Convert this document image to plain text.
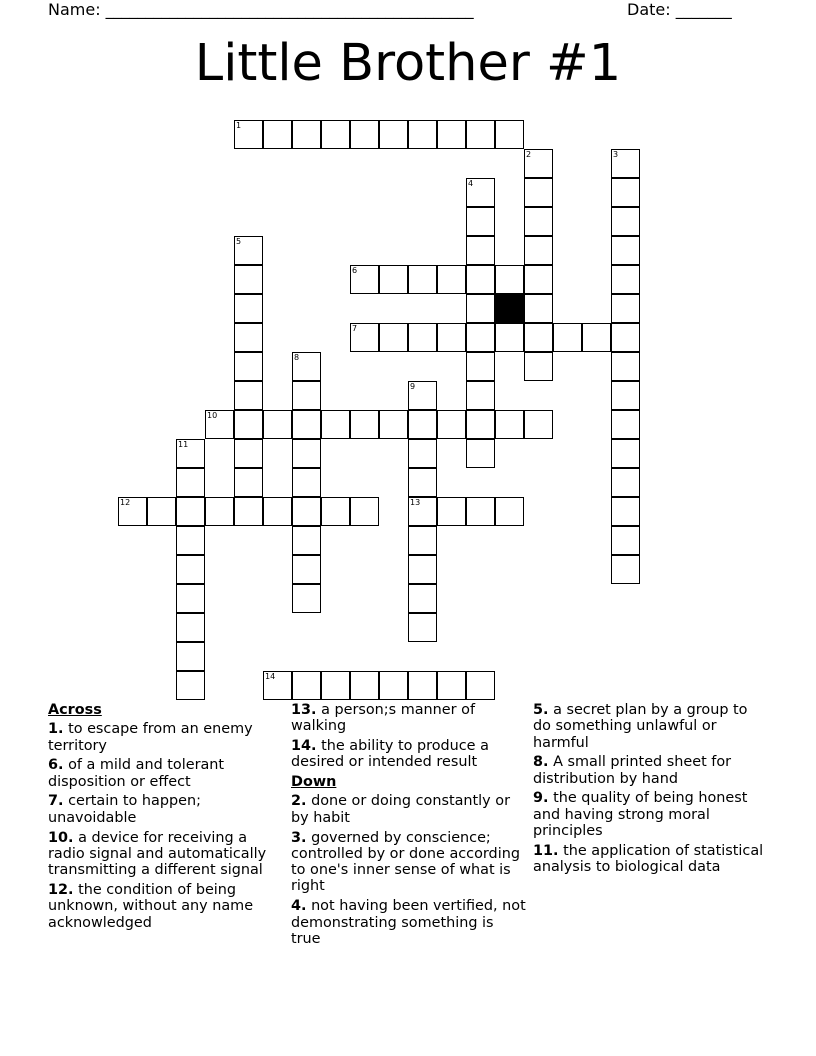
Name: ______________________________________________	Date: _______
Little Brother #1
1
2	3
4
5
6
7
8
9
13
10
11
12
14
Across
1. to escape from an enemy territory
6. of a mild and tolerant disposition or effect
7. certain to happen; unavoidable
10. a device for receiving a radio signal and automatically transmitting a different signal
12. the condition of being unknown, without any name acknowledged
13. a person;s manner of walking
14. the ability to produce a desired or intended result
Down
2. done or doing constantly or by habit
3. governed by conscience; controlled by or done according to one's inner sense of what is right
4. not having been vertified, not demonstrating something is true
5. a secret plan by a group to do something unlawful or harmful
8. A small printed sheet for distribution by hand
9. the quality of being honest and having strong moral principles
11. the application of statistical analysis to biological data
